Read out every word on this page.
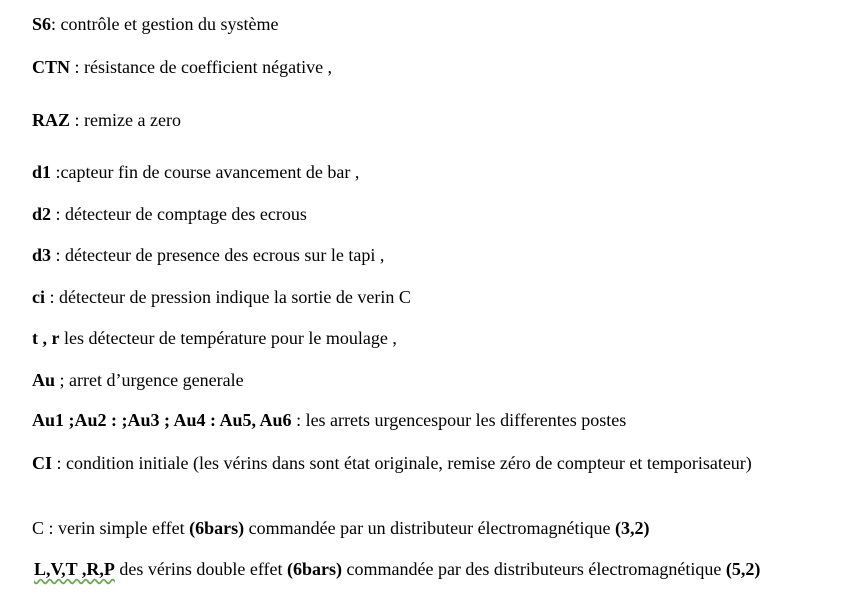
S6: contrôle et gestion du système
CTN : résistance de coefficient négative ,
RAZ : remize a zero
d1 :capteur fin de course avancement de bar ,
d2 : détecteur de comptage des ecrous
d3 : détecteur de presence des ecrous sur le tapi ,
ci : détecteur de pression indique la sortie de verin C
t , r les détecteur de température pour le moulage ,
Au ; arret d’urgence generale
Au1 ;Au2 : ;Au3 ; Au4 : Au5, Au6 : les arrets urgencespour les differentes postes
CI : condition initiale (les vérins dans sont état originale, remise zéro de compteur et temporisateur)
C : verin simple effet (6bars) commandée par un distributeur électromagnétique (3,2)
L,V,T ,R,P des vérins double effet (6bars) commandée par des distributeurs électromagnétique (5,2)
